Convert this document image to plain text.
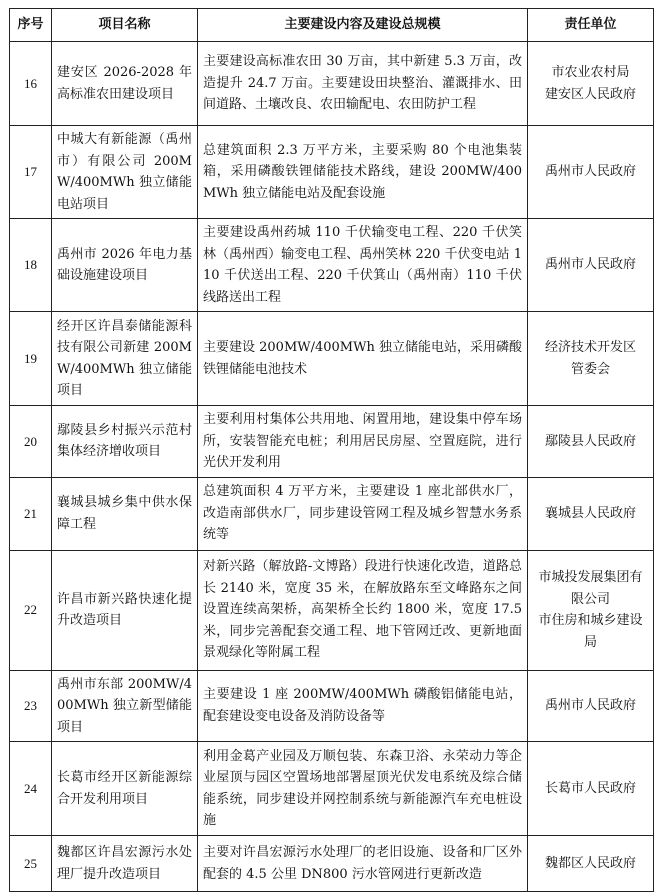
序号	项目名称	主要建设内容及建设总规模	责任单位
16	建安区 2026-2028 年高标准农田建设项目	主要建设高标准农田 30 万亩，其中新建 5.3 万亩，改造提升 24.7 万亩。主要建设田块整治、灌溉排水、田间道路、土壤改良、农田输配电、农田防护工程	市农业农村局
建安区人民政府
17	中城大有新能源（禹州市）有限公司 200MW/400MWh 独立储能电站项目	总建筑面积 2.3 万平方米，主要采购 80 个电池集装箱，采用磷酸铁锂储能技术路线，建设 200MW/400MWh 独立储能电站及配套设施	禹州市人民政府
18	禹州市 2026 年电力基础设施建设项目	主要建设禹州药城 110 千伏输变电工程、220 千伏笑林（禹州西）输变电工程、禹州笑林 220 千伏变电站 110 千伏送出工程、220 千伏箕山（禹州南）110 千伏线路送出工程	禹州市人民政府
19	经开区许昌泰储能源科技有限公司新建 200MW/400MWh 独立储能项目	主要建设 200MW/400MWh 独立储能电站，采用磷酸铁锂储能电池技术	经济技术开发区
管委会
20	鄢陵县乡村振兴示范村集体经济增收项目	主要利用村集体公共用地、闲置用地，建设集中停车场所，安装智能充电桩；利用居民房屋、空置庭院，进行光伏开发利用	鄢陵县人民政府
21	襄城县城乡集中供水保障工程	总建筑面积 4 万平方米，主要建设 1 座北部供水厂，改造南部供水厂，同步建设管网工程及城乡智慧水务系统等	襄城县人民政府
22	许昌市新兴路快速化提升改造项目	对新兴路（解放路-文博路）段进行快速化改造，道路总长 2140 米，宽度 35 米，在解放路东至文峰路东之间设置连续高架桥，高架桥全长约 1800 米，宽度 17.5 米，同步完善配套交通工程、地下管网迁改、更新地面景观绿化等附属工程	市城投发展集团有限公司
市住房和城乡建设局
23	禹州市东部 200MW/400MWh 独立新型储能项目	主要建设 1 座 200MW/400MWh 磷酸铝储能电站，配套建设变电设备及消防设备等	禹州市人民政府
24	长葛市经开区新能源综合开发利用项目	利用金葛产业园及万顺包装、东森卫浴、永荣动力等企业屋顶与园区空置场地部署屋顶光伏发电系统及综合储能系统，同步建设并网控制系统与新能源汽车充电桩设施	长葛市人民政府
25	魏都区许昌宏源污水处理厂提升改造项目	主要对许昌宏源污水处理厂的老旧设施、设备和厂区外配套的 4.5 公里 DN800 污水管网进行更新改造	魏都区人民政府
